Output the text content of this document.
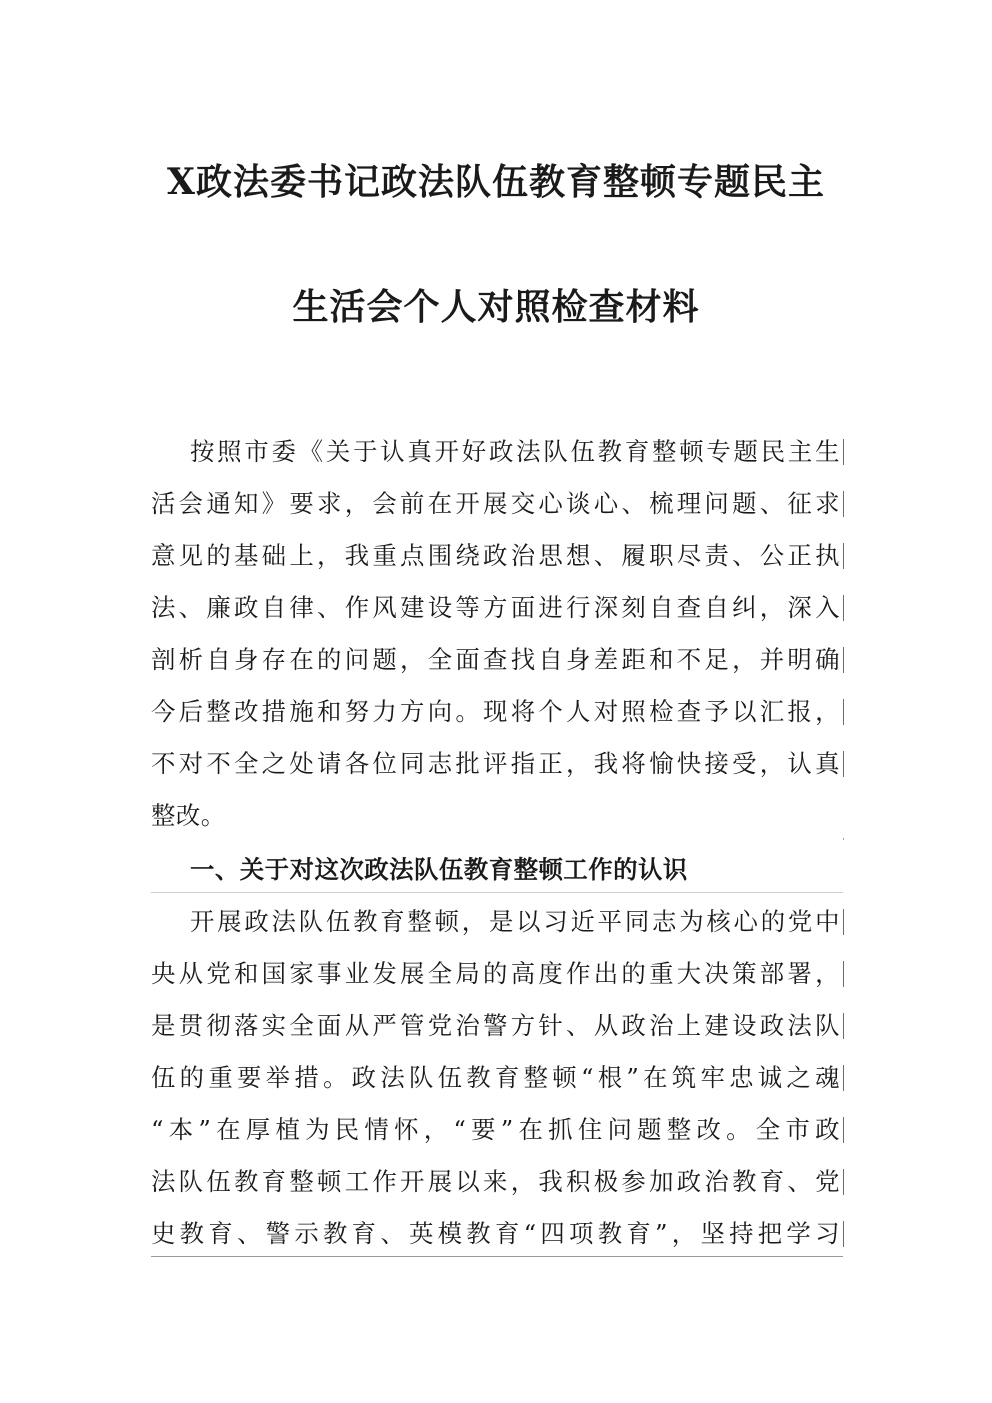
X政法委书记政法队伍教育整顿专题民主
生活会个人对照检查材料
按照市委《关于认真开好政法队伍教育整顿专题民主生
活会通知》要求，会前在开展交心谈心、梳理问题、征求
意见的基础上，我重点围绕政治思想、履职尽责、公正执
法、廉政自律、作风建设等方面进行深刻自查自纠，深入
剖析自身存在的问题，全面查找自身差距和不足，并明确
今后整改措施和努力方向。现将个人对照检查予以汇报，
不对不全之处请各位同志批评指正，我将愉快接受，认真
整改。
一、关于对这次政法队伍教育整顿工作的认识
开展政法队伍教育整顿，是以习近平同志为核心的党中
央从党和国家事业发展全局的高度作出的重大决策部署，
是贯彻落实全面从严管党治警方针、从政治上建设政法队
伍的重要举措。政法队伍教育整顿“根”在筑牢忠诚之魂
“本”在厚植为民情怀，“要”在抓住问题整改。全市政
法队伍教育整顿工作开展以来，我积极参加政治教育、党
史教育、警示教育、英模教育“四项教育”，坚持把学习
